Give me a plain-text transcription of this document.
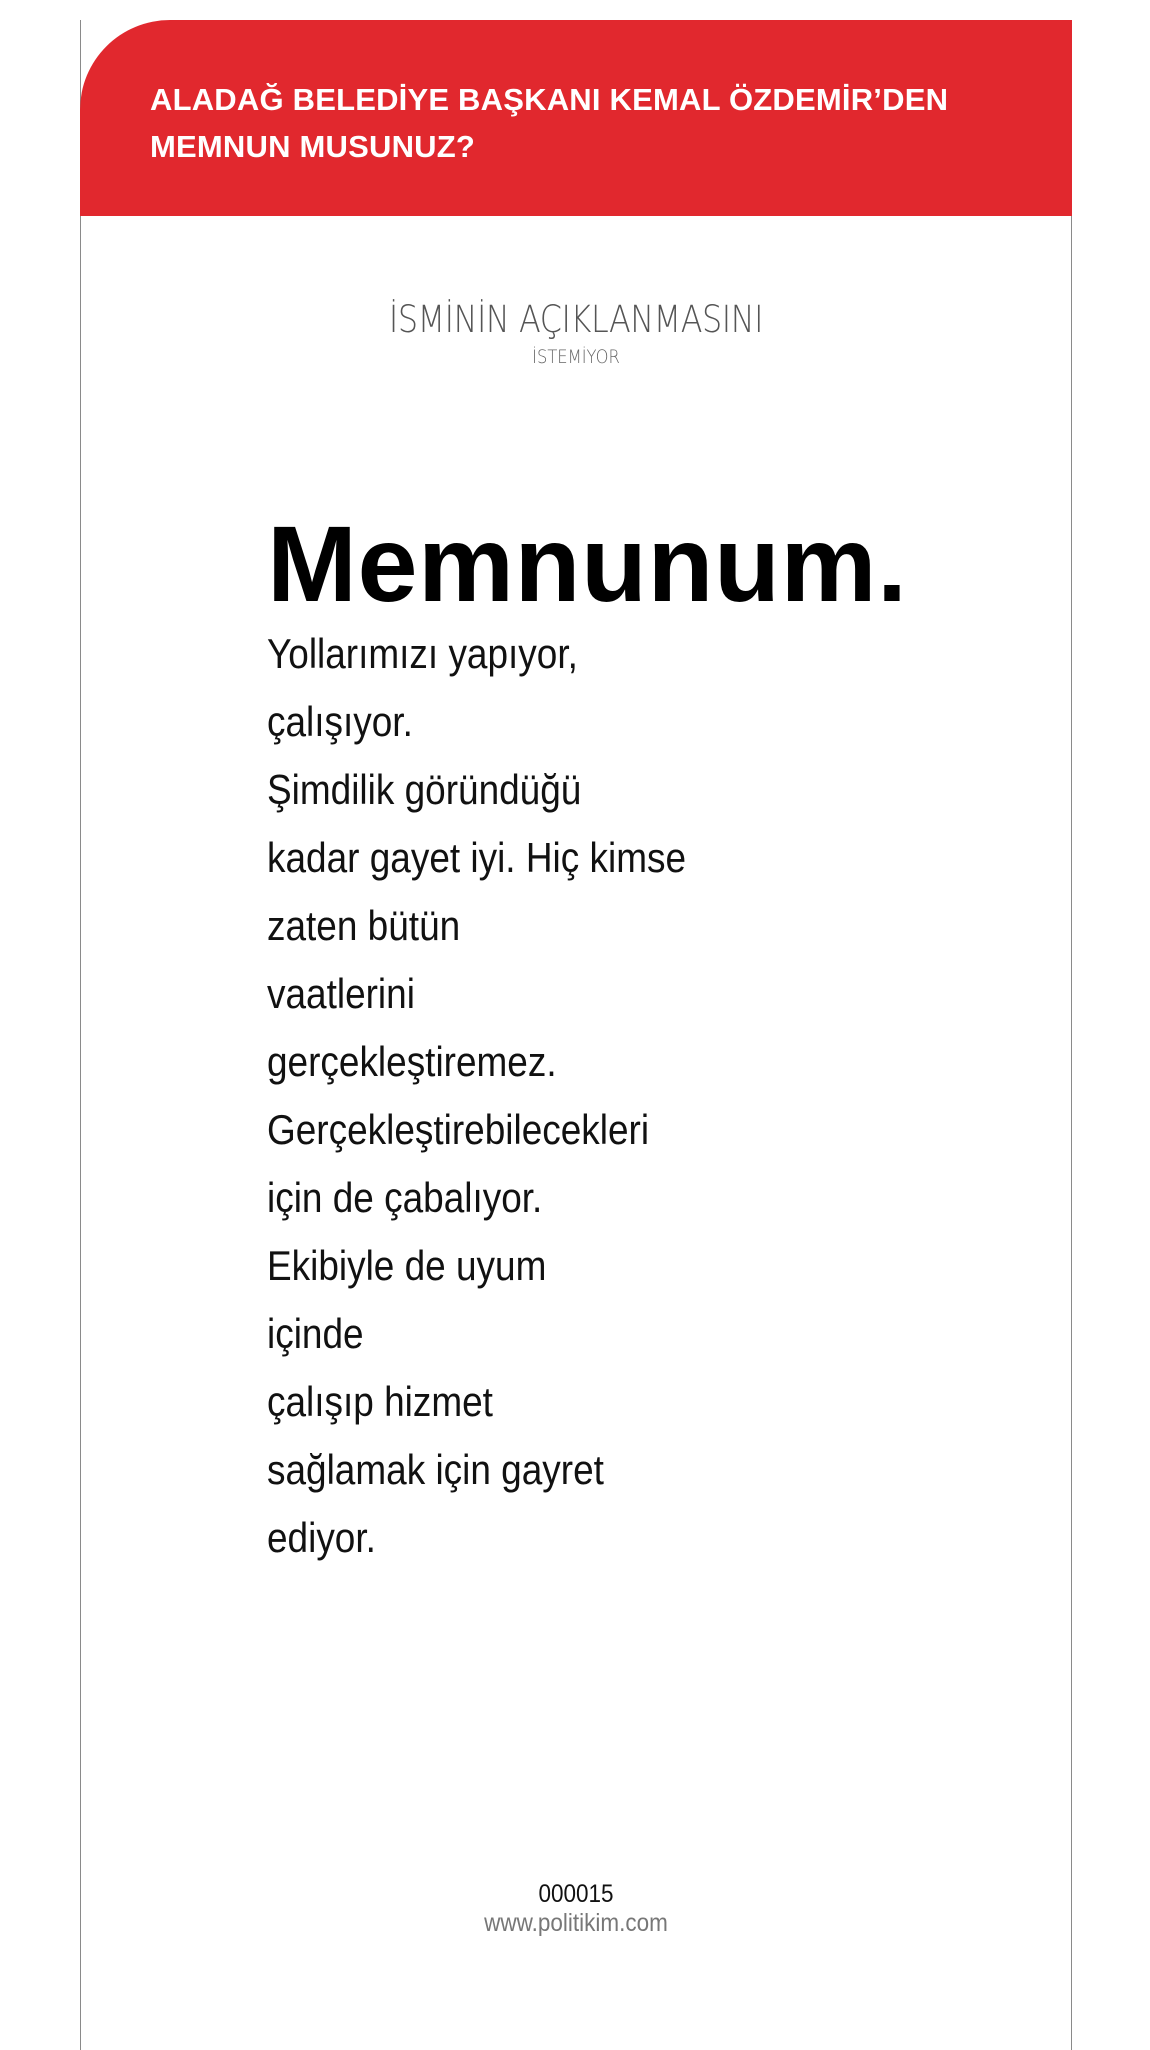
ALADAĞ BELEDİYE BAŞKANI KEMAL ÖZDEMİR’DEN
MEMNUN MUSUNUZ?
İSMİNİN AÇIKLANMASINI
İSTEMİYOR
Memnunum.
Yollarımızı yapıyor,
çalışıyor.
Şimdilik göründüğü
kadar gayet iyi. Hiç kimse
zaten bütün
vaatlerini
gerçekleştiremez.
Gerçekleştirebilecekleri
için de çabalıyor.
Ekibiyle de uyum
içinde
çalışıp hizmet
sağlamak için gayret
ediyor.
000015
www.politikim.com
